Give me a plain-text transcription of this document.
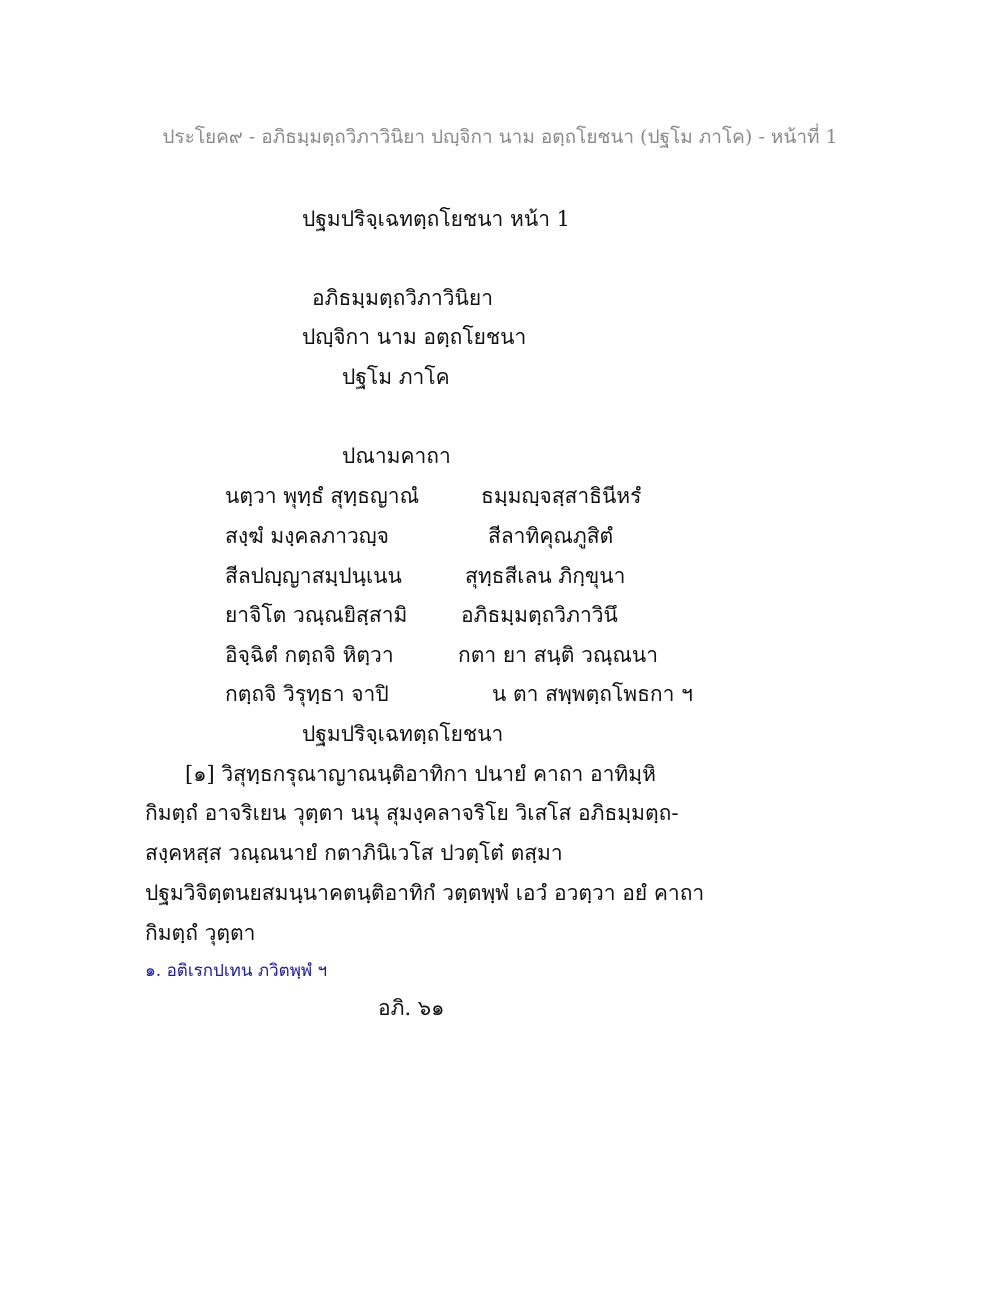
ประโยค๙ - อภิธมฺมตฺถวิภาวินิยา ปญฺจิกา นาม อตฺถโยชนา (ปฐโม ภาโค) - หน้าที่ 1
ปฐมปริจฺเฉทตฺถโยชนา หน้า 1
อภิธมฺมตฺถวิภาวินิยา
ปญฺจิกา นาม อตฺถโยชนา
ปฐโม ภาโค
ปณามคาถา
นตฺวา พุทฺธํ สุทฺธญาณํ	ธมฺมญฺจสฺสาธินีหรํ
สงฺฆํ มงฺคลภาวญฺจ	สีลาทิคุณภูสิตํ
สีลปญฺญาสมฺปนฺเนน	สุทฺธสีเลน ภิกฺขุนา
ยาจิโต วณฺณยิสฺสามิ	อภิธมฺมตฺถวิภาวินึ
อิจฺฉิตํ กตฺถจิ หิตฺวา	กตา ยา สนฺติ วณฺณนา
กตฺถจิ วิรุทฺธา จาปิ	น ตา สพฺพตฺถโพธกา ฯ
ปฐมปริจฺเฉทตฺถโยชนา
[๑] วิสุทฺธกรุณาญาณนฺติอาทิกา ปนายํ คาถา อาทิมฺหิ
กิมตฺถํ อาจริเยน วุตฺตา นนุ สุมงฺคลาจริโย วิเสโส อภิธมฺมตฺถ-
สงฺคหสฺส วณฺณนายํ กตาภินิเวโส ปวตฺโต๋ ตสฺมา
ปฐมวิจิตฺตนยสมนฺนาคตนฺติอาทิกํ วตฺตพฺพํ เอวํ อวตฺวา อยํ คาถา
กิมตฺถํ วุตฺตา
๑. อติเรกปเทน ภวิตพฺพํ ฯ
อภิ. ๖๑
